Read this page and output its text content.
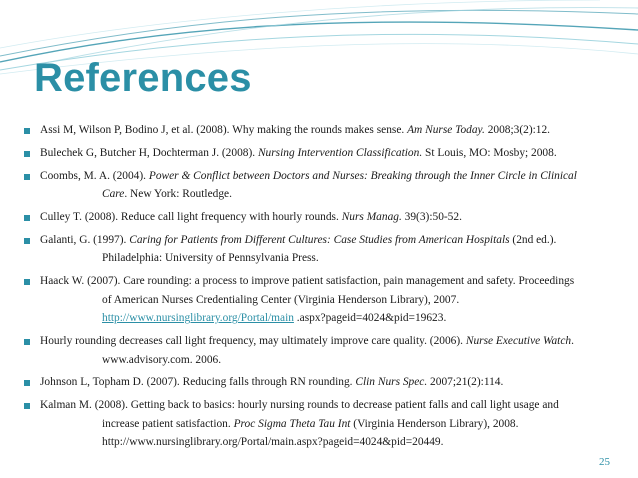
References
Assi M, Wilson P, Bodino J, et al. (2008). Why making the rounds makes sense. Am Nurse Today. 2008;3(2):12.
Bulechek G, Butcher H, Dochterman J. (2008). Nursing Intervention Classification. St Louis, MO: Mosby; 2008.
Coombs, M. A. (2004). Power & Conflict between Doctors and Nurses: Breaking through the Inner Circle in Clinical
Care. New York: Routledge.
Culley T. (2008). Reduce call light frequency with hourly rounds. Nurs Manag. 39(3):50-52.
Galanti, G. (1997). Caring for Patients from Different Cultures: Case Studies from American Hospitals (2nd ed.).
Philadelphia: University of Pennsylvania Press.
Haack W. (2007). Care rounding: a process to improve patient satisfaction, pain management and safety. Proceedings
of American Nurses Credentialing Center (Virginia Henderson Library), 2007.
http://www.nursinglibrary.org/Portal/main .aspx?pageid=4024&pid=19623.
Hourly rounding decreases call light frequency, may ultimately improve care quality. (2006). Nurse Executive Watch.
www.advisory.com. 2006.
Johnson L, Topham D. (2007). Reducing falls through RN rounding. Clin Nurs Spec. 2007;21(2):114.
Kalman M. (2008). Getting back to basics: hourly nursing rounds to decrease patient falls and call light usage and
increase patient satisfaction. Proc Sigma Theta Tau Int (Virginia Henderson Library), 2008.
http://www.nursinglibrary.org/Portal/main.aspx?pageid=4024&pid=20449.
25
